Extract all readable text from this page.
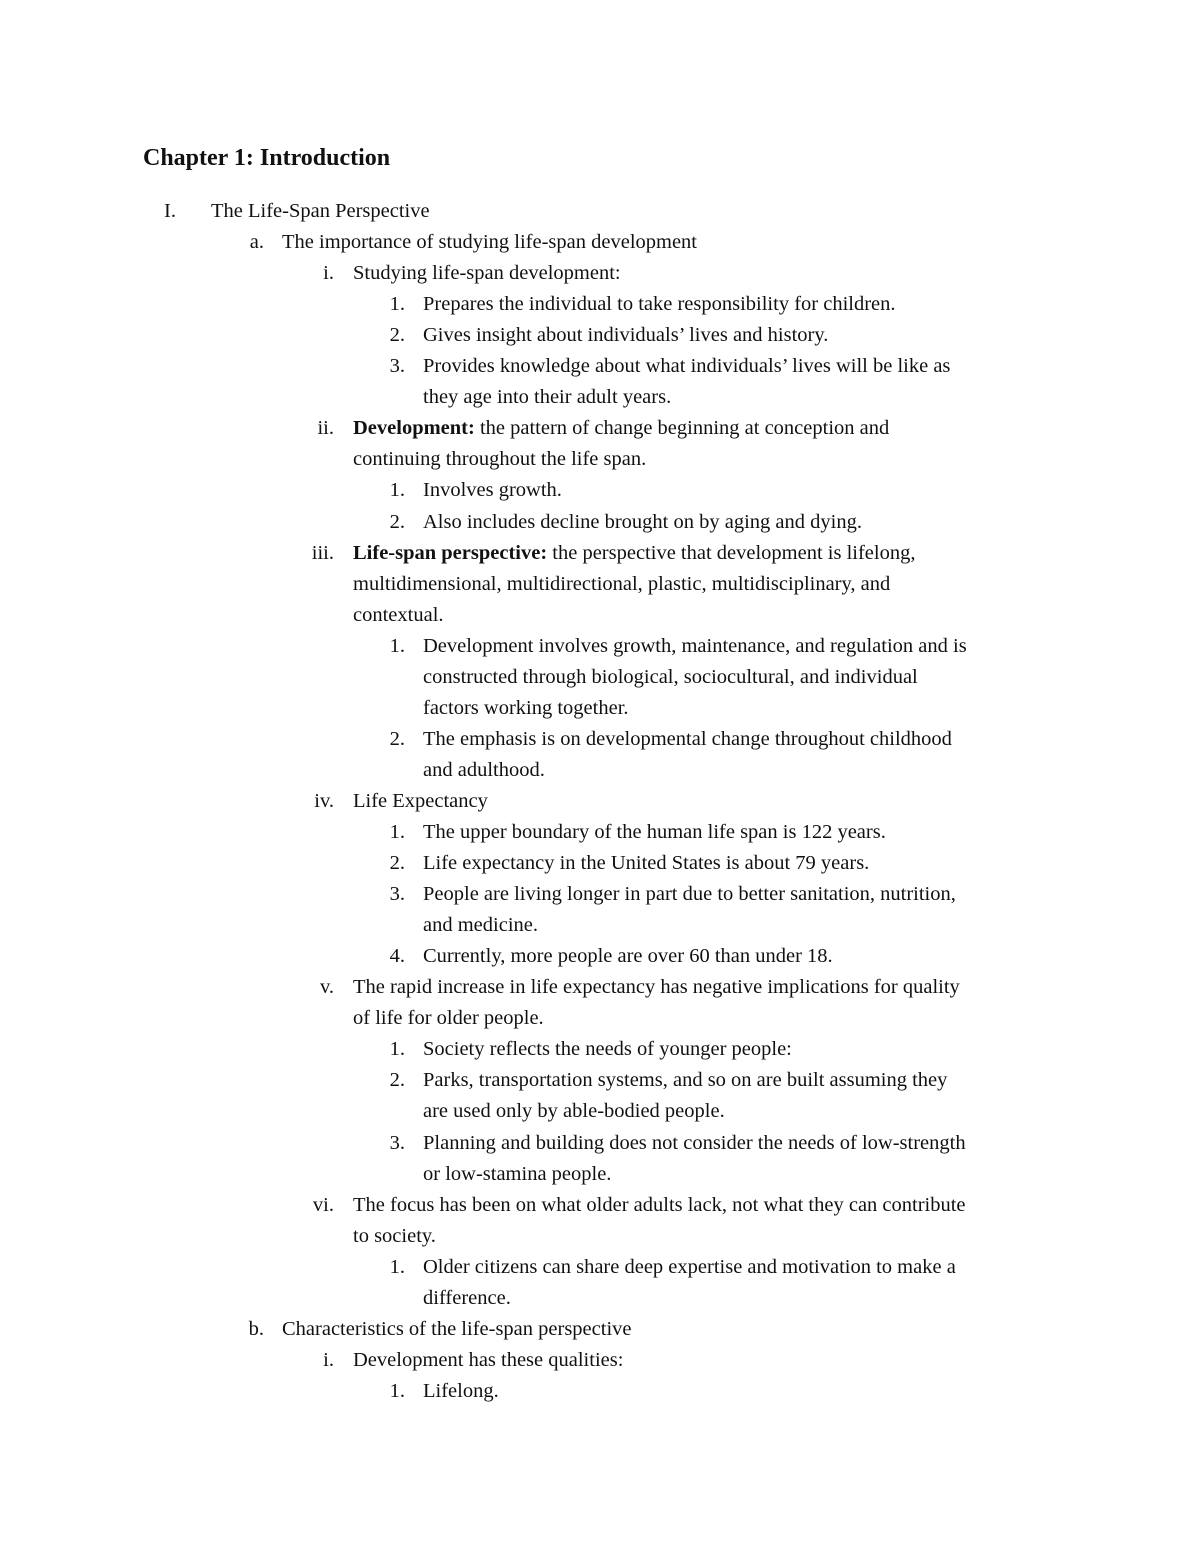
Chapter 1: Introduction
I. The Life-Span Perspective
a. The importance of studying life-span development
i. Studying life-span development:
1. Prepares the individual to take responsibility for children.
2. Gives insight about individuals’ lives and history.
3. Provides knowledge about what individuals’ lives will be like as
they age into their adult years.
ii. Development: the pattern of change beginning at conception and
continuing throughout the life span.
1. Involves growth.
2. Also includes decline brought on by aging and dying.
iii. Life-span perspective: the perspective that development is lifelong,
multidimensional, multidirectional, plastic, multidisciplinary, and
contextual.
1. Development involves growth, maintenance, and regulation and is
constructed through biological, sociocultural, and individual
factors working together.
2. The emphasis is on developmental change throughout childhood
and adulthood.
iv. Life Expectancy
1. The upper boundary of the human life span is 122 years.
2. Life expectancy in the United States is about 79 years.
3. People are living longer in part due to better sanitation, nutrition,
and medicine.
4. Currently, more people are over 60 than under 18.
v. The rapid increase in life expectancy has negative implications for quality
of life for older people.
1. Society reflects the needs of younger people:
2. Parks, transportation systems, and so on are built assuming they
are used only by able-bodied people.
3. Planning and building does not consider the needs of low-strength
or low-stamina people.
vi. The focus has been on what older adults lack, not what they can contribute
to society.
1. Older citizens can share deep expertise and motivation to make a
difference.
b. Characteristics of the life-span perspective
i. Development has these qualities:
1. Lifelong.
